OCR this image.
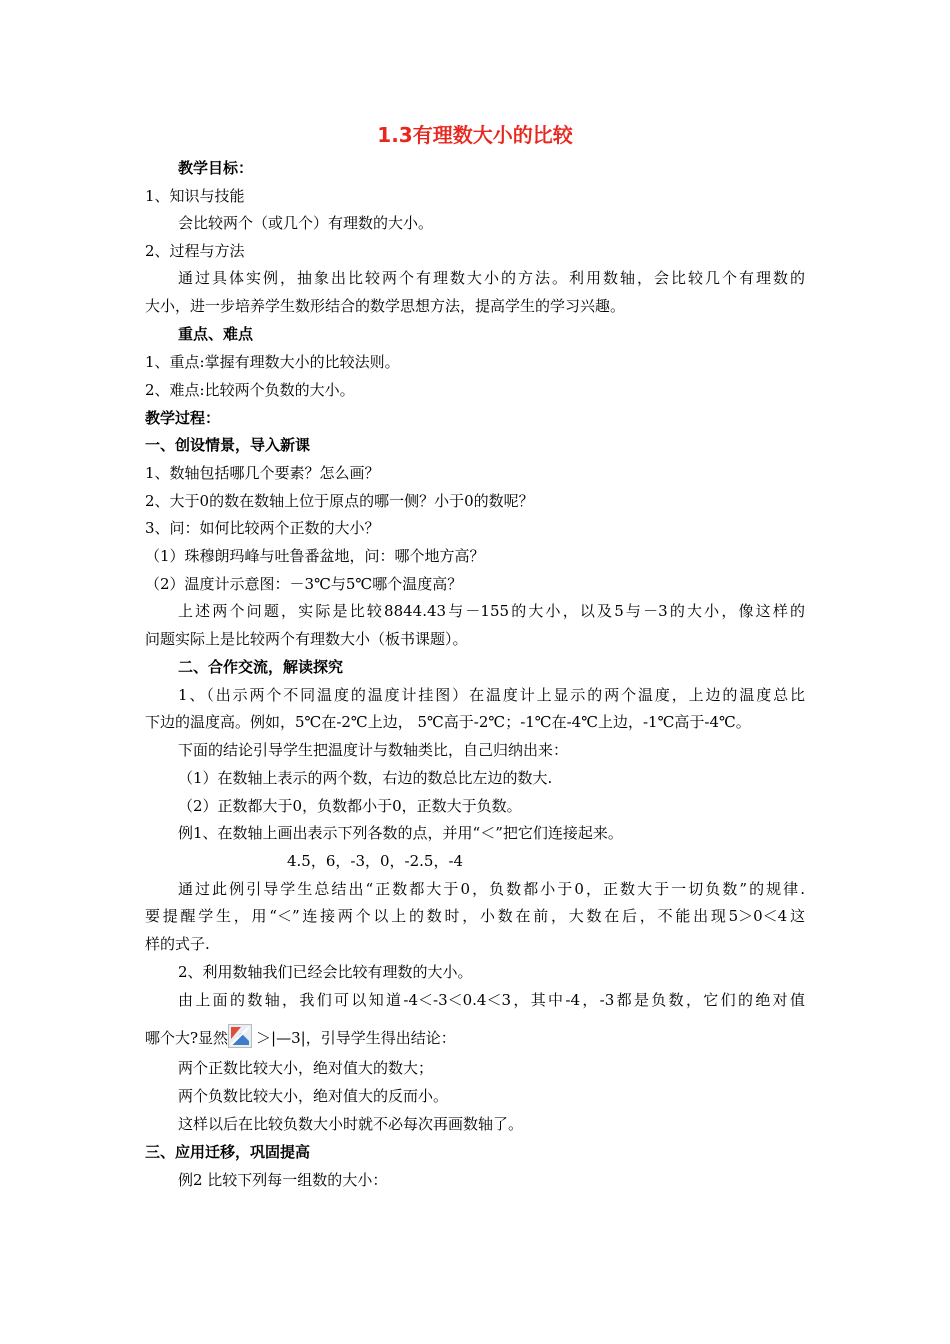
1.3有理数大小的比较
教学目标：
1、知识与技能
会比较两个（或几个）有理数的大小。
2、过程与方法
通过具体实例，抽象出比较两个有理数大小的方法。利用数轴，会比较几个有理数的
大小，进一步培养学生数形结合的数学思想方法，提高学生的学习兴趣。
重点、难点
1、重点:掌握有理数大小的比较法则。
2、难点:比较两个负数的大小。
教学过程：
一、创设情景，导入新课
1、数轴包括哪几个要素？怎么画？
2、大于0的数在数轴上位于原点的哪一侧？小于0的数呢？
3、问：如何比较两个正数的大小？
（1）珠穆朗玛峰与吐鲁番盆地，问：哪个地方高？
（2）温度计示意图：－3℃与5℃哪个温度高？
上述两个问题，实际是比较8844.43与－155的大小，以及5与－3的大小，像这样的
问题实际上是比较两个有理数大小（板书课题）。
二、合作交流，解读探究
1、（出示两个不同温度的温度计挂图）在温度计上显示的两个温度，上边的温度总比
下边的温度高。例如，5℃在-2℃上边， 5℃高于-2℃；-1℃在-4℃上边，-1℃高于-4℃。
下面的结论引导学生把温度计与数轴类比，自己归纳出来：
（1）在数轴上表示的两个数，右边的数总比左边的数大.
（2）正数都大于0，负数都小于0，正数大于负数。
例1、在数轴上画出表示下列各数的点，并用“＜”把它们连接起来。
4.5，6，-3，0，-2.5，-4
通过此例引导学生总结出“正数都大于0，负数都小于0，正数大于一切负数”的规律.
要提醒学生，用“＜”连接两个以上的数时，小数在前，大数在后，不能出现5＞0＜4这
样的式子.
2、利用数轴我们已经会比较有理数的大小。
由上面的数轴，我们可以知道-4＜-3＜0.4＜3，其中-4，-3都是负数，它们的绝对值
哪个大?显然 ＞|—3|，引导学生得出结论：
两个正数比较大小，绝对值大的数大；
两个负数比较大小，绝对值大的反而小。
这样以后在比较负数大小时就不必每次再画数轴了。
三、应用迁移，巩固提高
例2 比较下列每一组数的大小：
